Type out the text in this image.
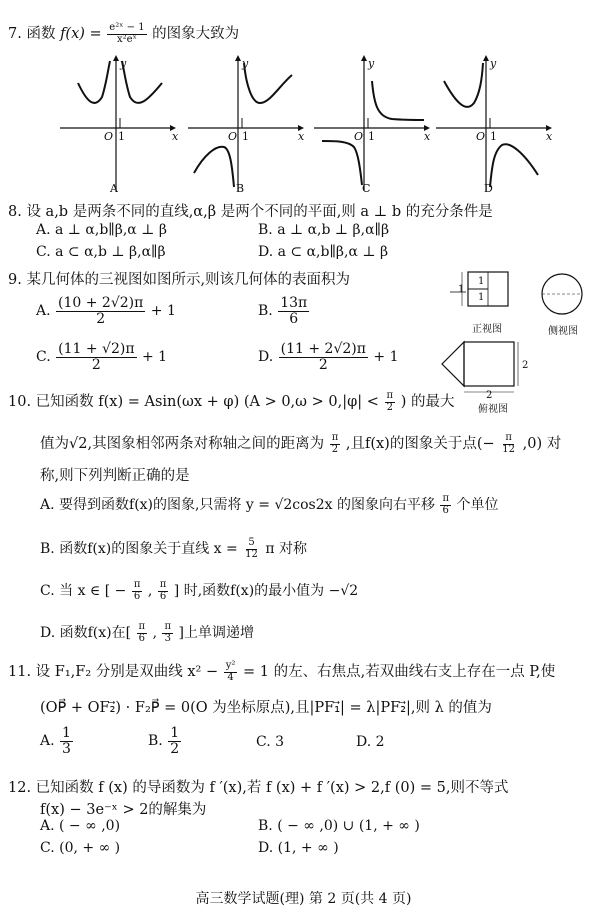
7. 函数 $f(x) = \frac{\text{e²ˣ − 1}}{\text{x²eˣ}}$ 的图象大致为
y
x
O 1
A
y
x
O 1
B
y
x
O 1
C
y
x
O 1
D
8. 设 a,b 是两条不同的直线,α,β 是两个不同的平面,则 a ⊥ b 的充分条件是
A. a ⊥ α,b∥β,α ⊥ β	B. a ⊥ α,b ⊥ β,α∥β
C. a ⊂ α,b ⊥ β,α∥β	D. a ⊂ α,b∥β,α ⊥ β
9. 某几何体的三视图如图所示,则该几何体的表面积为
A. $\frac{(10 + 2√2)\pi}{2} + 1$	B. $\frac{13\pi}{6}$
C. $\frac{(11 + √2)\pi}{2} + 1$	D. $\frac{(11 + 2√2)\pi}{2} + 1$
1
1
1
正视图	侧视图
2
2
俯视图
10. 已知函数 f(x) = Asin(ωx + φ) ($A > 0,\omega > 0,|\varphi| < \frac{\pi}{2}$ ) 的最大
值为√2,其图象相邻两条对称轴之间的距离为 $\frac{\pi}{2}$ ,且f(x)的图象关于点(− $\frac{\pi}{12} ,0$) 对
称,则下列判断正确的是
A. 要得到函数f(x)的图象,只需将 y = √2cos2x 的图象向右平移 $\frac{\pi}{6}$ 个单位
B. 函数f(x)的图象关于直线 $x = \frac{5}{12}$ π 对称
C. 当 x ∈ [ − $\frac{\pi}{6}$ , $\frac{\pi}{6}$ ] 时,函数f(x)的最小值为 −√2
D. 函数f(x)在[ $\frac{\pi}{6}$ , $\frac{\pi}{3}$ ]上单调递增
11. 设 F₁,F₂ 分别是双曲线 $x^2 - \frac{\text{y²}}{4} = 1$ 的左、右焦点,若双曲线右支上存在一点 P,使
(OP⃗ + OF₂⃗) · F₂P⃗ = 0(O 为坐标原点),且|PF₁⃗| = λ|PF₂⃗|,则 λ 的值为
A. $\frac{1}{3}$	B. $\frac{1}{2}$	C. 3	D. 2
12. 已知函数 f (x) 的导函数为 f ′(x),若 f (x) + f ′(x) > 2,f (0) = 5,则不等式
f(x) − 3e⁻ˣ > 2的解集为
A. ( − ∞ ,0)	B. ( − ∞ ,0) ∪ (1, + ∞ )
C. (0, + ∞ )	D. (1, + ∞ )
高三数学试题(理) 第 2 页(共 4 页)
